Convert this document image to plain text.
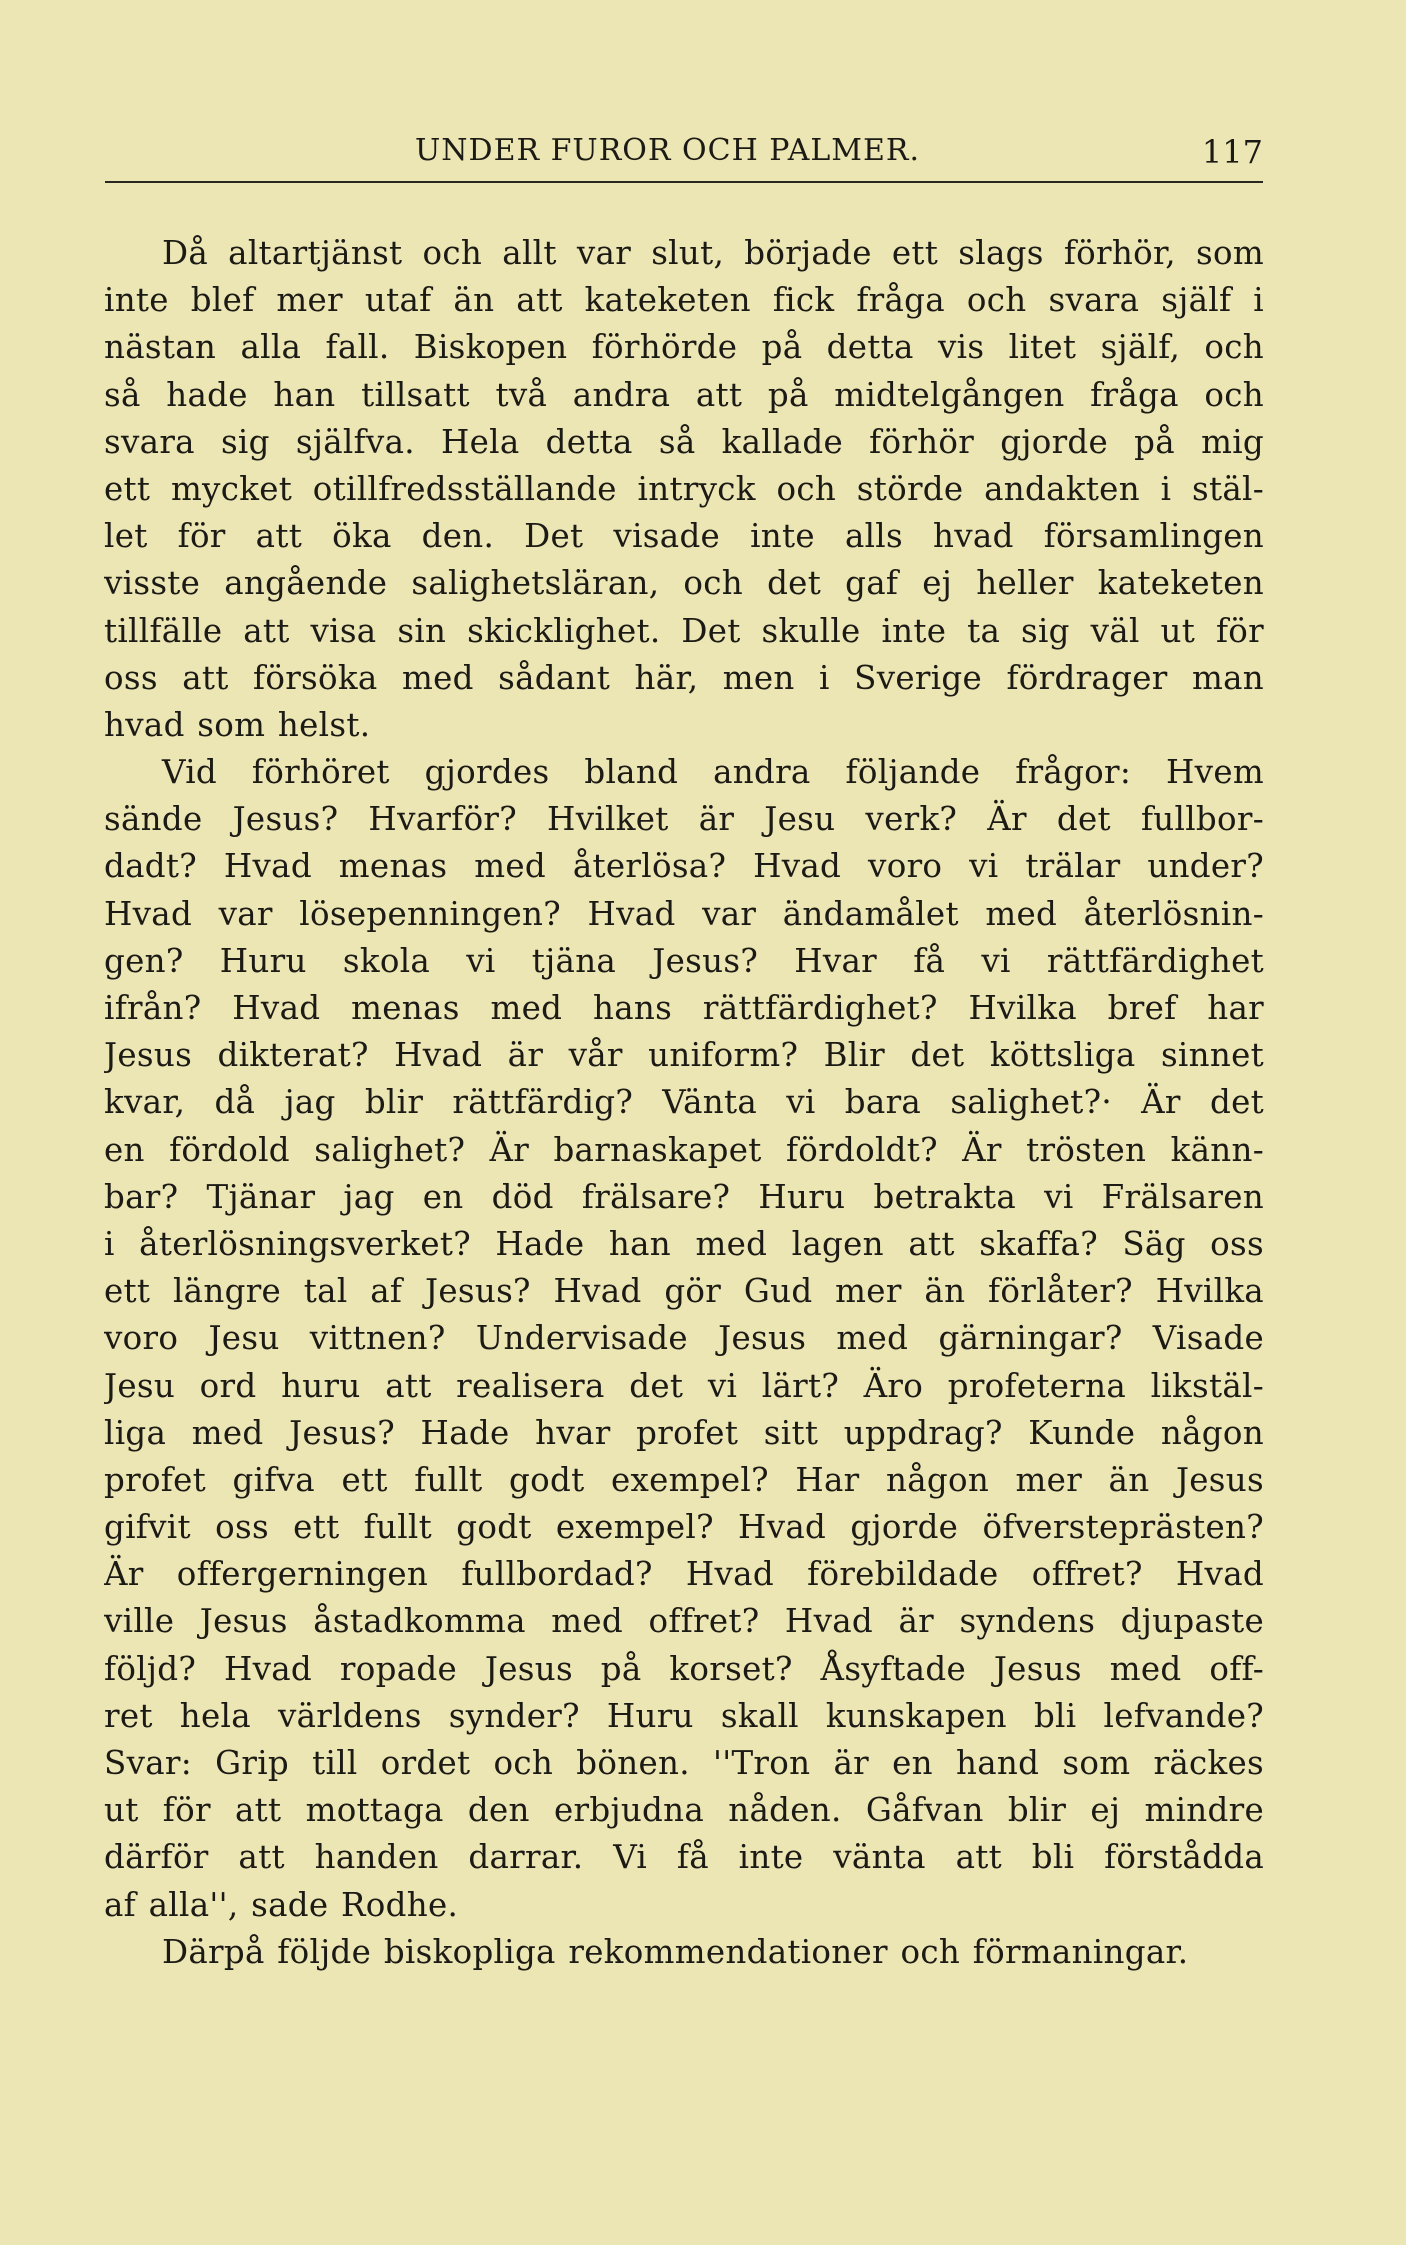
UNDER FUROR OCH PALMER.	117
Då altartjänst och allt var slut, började ett slags förhör, som
inte blef mer utaf än att kateketen fick fråga och svara själf i
nästan alla fall. Biskopen förhörde på detta vis litet själf, och
så hade han tillsatt två andra att på midtelgången fråga och
svara sig själfva. Hela detta så kallade förhör gjorde på mig
ett mycket otillfredsställande intryck och störde andakten i stäl-
let för att öka den. Det visade inte alls hvad församlingen
visste angående salighetsläran, och det gaf ej heller kateketen
tillfälle att visa sin skicklighet. Det skulle inte ta sig väl ut för
oss att försöka med sådant här, men i Sverige fördrager man
hvad som helst.
Vid förhöret gjordes bland andra följande frågor: Hvem
sände Jesus? Hvarför? Hvilket är Jesu verk? Är det fullbor-
dadt? Hvad menas med återlösa? Hvad voro vi trälar under?
Hvad var lösepenningen? Hvad var ändamålet med återlösnin-
gen? Huru skola vi tjäna Jesus? Hvar få vi rättfärdighet
ifrån? Hvad menas med hans rättfärdighet? Hvilka bref har
Jesus dikterat? Hvad är vår uniform? Blir det köttsliga sinnet
kvar, då jag blir rättfärdig? Vänta vi bara salighet?· Är det
en fördold salighet? Är barnaskapet fördoldt? Är trösten känn-
bar? Tjänar jag en död frälsare? Huru betrakta vi Frälsaren
i återlösningsverket? Hade han med lagen att skaffa? Säg oss
ett längre tal af Jesus? Hvad gör Gud mer än förlåter? Hvilka
voro Jesu vittnen? Undervisade Jesus med gärningar? Visade
Jesu ord huru att realisera det vi lärt? Äro profeterna likstäl-
liga med Jesus? Hade hvar profet sitt uppdrag? Kunde någon
profet gifva ett fullt godt exempel? Har någon mer än Jesus
gifvit oss ett fullt godt exempel? Hvad gjorde öfversteprästen?
Är offergerningen fullbordad? Hvad förebildade offret? Hvad
ville Jesus åstadkomma med offret? Hvad är syndens djupaste
följd? Hvad ropade Jesus på korset? Åsyftade Jesus med off-
ret hela världens synder? Huru skall kunskapen bli lefvande?
Svar: Grip till ordet och bönen. ''Tron är en hand som räckes
ut för att mottaga den erbjudna nåden. Gåfvan blir ej mindre
därför att handen darrar. Vi få inte vänta att bli förstådda
af alla'', sade Rodhe.
Därpå följde biskopliga rekommendationer och förmaningar.
